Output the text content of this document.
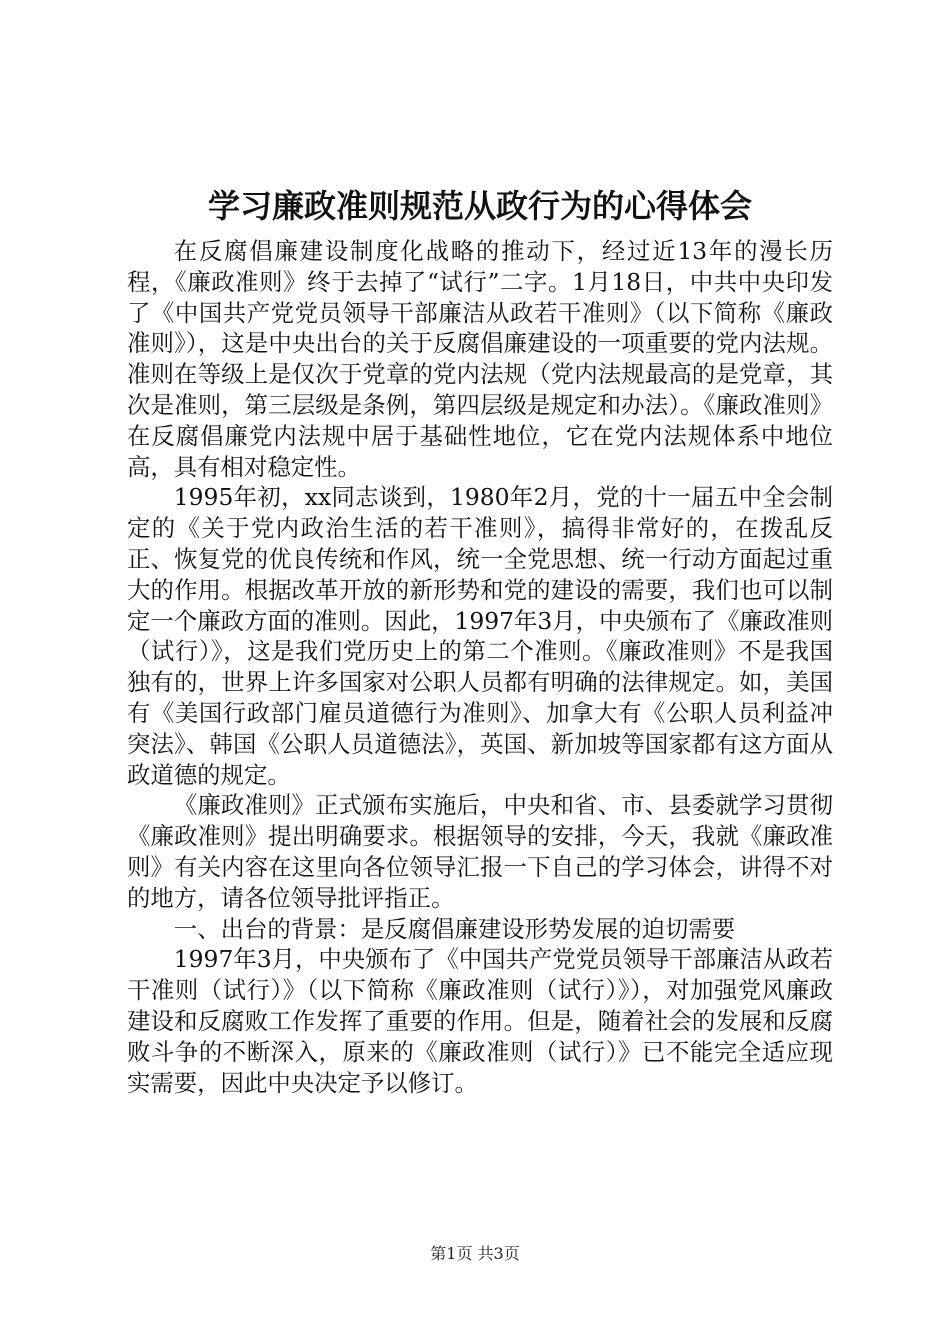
学习廉政准则规范从政行为的心得体会

在反腐倡廉建设制度化战略的推动下，经过近13年的漫长历程，《廉政准则》终于去掉了“试行”二字。1月18日，中共中央印发了《中国共产党党员领导干部廉洁从政若干准则》（以下简称《廉政准则》），这是中央出台的关于反腐倡廉建设的一项重要的党内法规。准则在等级上是仅次于党章的党内法规（党内法规最高的是党章，其次是准则，第三层级是条例，第四层级是规定和办法）。《廉政准则》在反腐倡廉党内法规中居于基础性地位，它在党内法规体系中地位高，具有相对稳定性。

1995年初，xx同志谈到，1980年2月，党的十一届五中全会制定的《关于党内政治生活的若干准则》，搞得非常好的，在拨乱反正、恢复党的优良传统和作风，统一全党思想、统一行动方面起过重大的作用。根据改革开放的新形势和党的建设的需要，我们也可以制定一个廉政方面的准则。因此，1997年3月，中央颁布了《廉政准则（试行）》，这是我们党历史上的第二个准则。《廉政准则》不是我国独有的，世界上许多国家对公职人员都有明确的法律规定。如，美国有《美国行政部门雇员道德行为准则》、加拿大有《公职人员利益冲突法》、韩国《公职人员道德法》，英国、新加坡等国家都有这方面从政道德的规定。

《廉政准则》正式颁布实施后，中央和省、市、县委就学习贯彻《廉政准则》提出明确要求。根据领导的安排，今天，我就《廉政准则》有关内容在这里向各位领导汇报一下自己的学习体会，讲得不对的地方，请各位领导批评指正。

一、出台的背景：是反腐倡廉建设形势发展的迫切需要

1997年3月，中央颁布了《中国共产党党员领导干部廉洁从政若干准则（试行）》（以下简称《廉政准则（试行）》），对加强党风廉政建设和反腐败工作发挥了重要的作用。但是，随着社会的发展和反腐败斗争的不断深入，原来的《廉政准则（试行）》已不能完全适应现实需要，因此中央决定予以修订。

第1页 共3页
